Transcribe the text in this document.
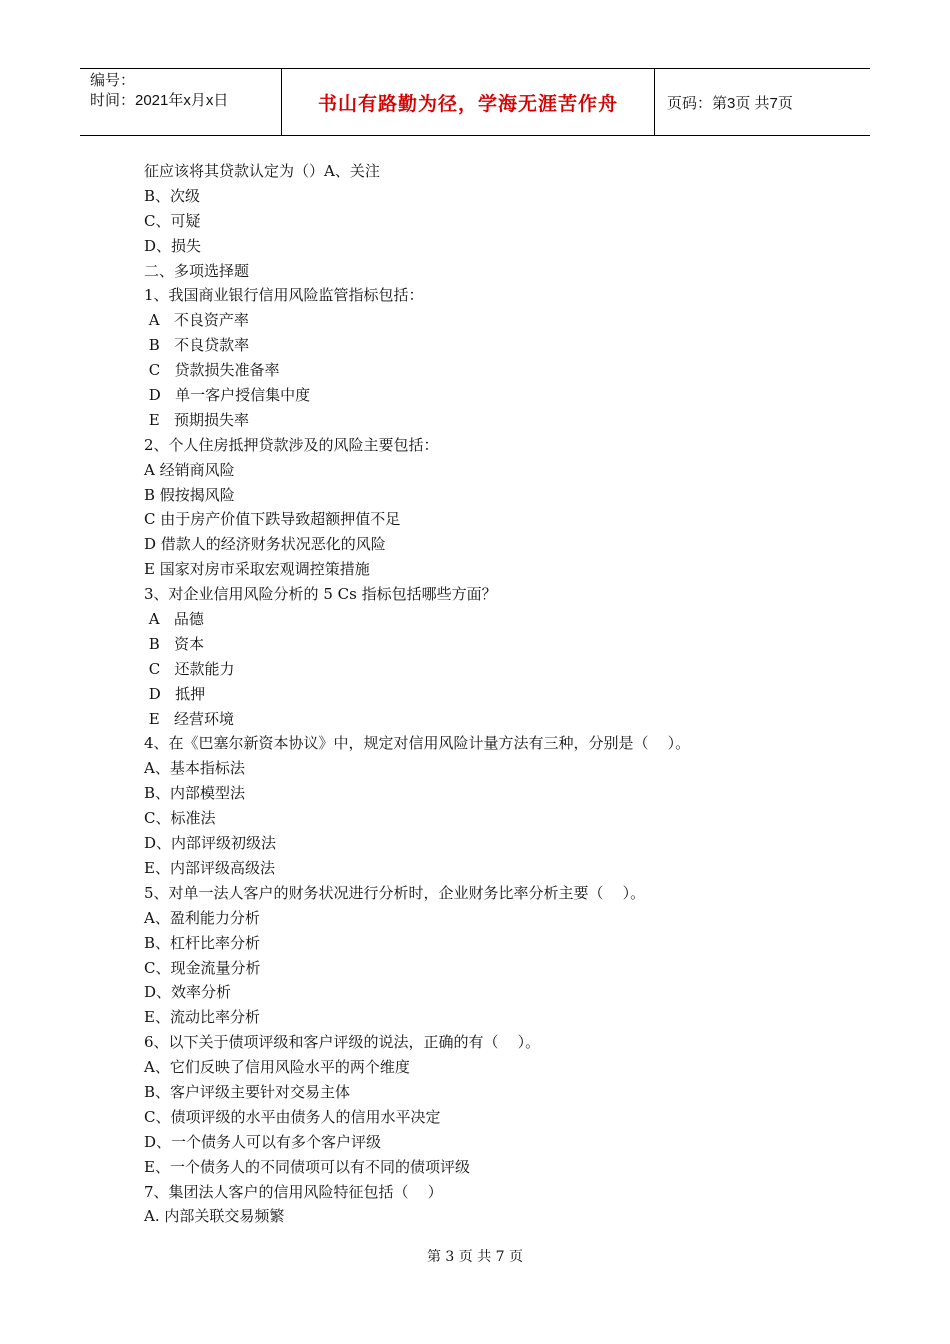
编号：
时间：2021年x月x日	书山有路勤为径，学海无涯苦作舟	页码：第3页 共7页
征应该将其贷款认定为（）A、关注
B、次级
C、可疑
D、损失
二、多项选择题
1、我国商业银行信用风险监管指标包括：
A   不良资产率
B   不良贷款率
C   贷款损失准备率
D   单一客户授信集中度
E   预期损失率
2、个人住房抵押贷款涉及的风险主要包括：
A 经销商风险
B 假按揭风险
C 由于房产价值下跌导致超额押值不足
D 借款人的经济财务状况恶化的风险
E 国家对房市采取宏观调控策措施
3、对企业信用风险分析的 5 Cs 指标包括哪些方面？
A   品德
B   资本
C   还款能力
D   抵押
E   经营环境
4、在《巴塞尔新资本协议》中，规定对信用风险计量方法有三种，分别是（    ）。
A、基本指标法
B、内部模型法
C、标准法
D、内部评级初级法
E、内部评级高级法
5、对单一法人客户的财务状况进行分析时，企业财务比率分析主要（    ）。
A、盈利能力分析
B、杠杆比率分析
C、现金流量分析
D、效率分析
E、流动比率分析
6、以下关于债项评级和客户评级的说法，正确的有（    ）。
A、它们反映了信用风险水平的两个维度
B、客户评级主要针对交易主体
C、债项评级的水平由债务人的信用水平决定
D、一个债务人可以有多个客户评级
E、一个债务人的不同债项可以有不同的债项评级
7、集团法人客户的信用风险特征包括（    ）
A. 内部关联交易频繁
第 3 页 共 7 页
